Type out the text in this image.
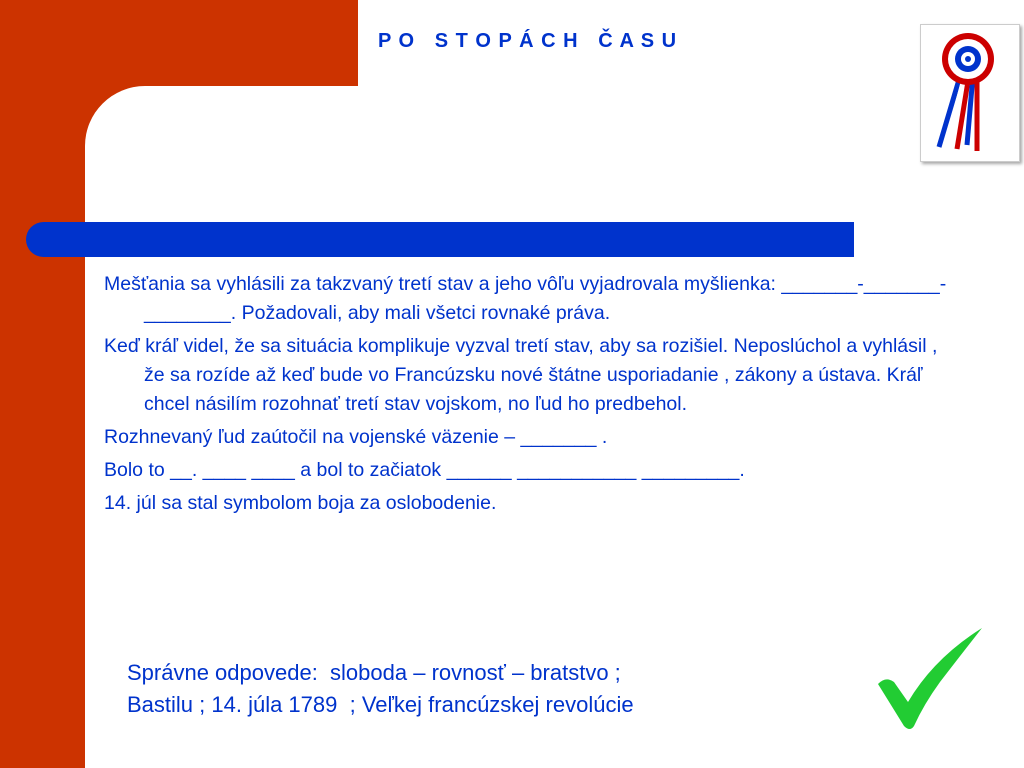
P O   S T O P Á C H   Č A S U

Mešťania sa vyhlásili za takzvaný tretí stav a jeho vôľu vyjadrovala myšlienka: _______-_______-________. Požadovali, aby mali všetci rovnaké práva.

Keď kráľ videl, že sa situácia komplikuje vyzval tretí stav, aby sa rozišiel. Neposlúchol a vyhlásil , že sa rozíde až keď bude vo Francúzsku nové štátne usporiadanie , zákony a ústava. Kráľ chcel násilím rozohnať tretí stav vojskom, no ľud ho predbehol.

Rozhnevaný ľud zaútočil na vojenské väzenie – _______ .

Bolo to __. ____ ____ a bol to začiatok ______ ___________ _________.

14. júl sa stal symbolom boja za oslobodenie.

Správne odpovede:  sloboda – rovnosť – bratstvo ;
Bastilu ; 14. júla 1789  ; Veľkej francúzskej revolúcie
